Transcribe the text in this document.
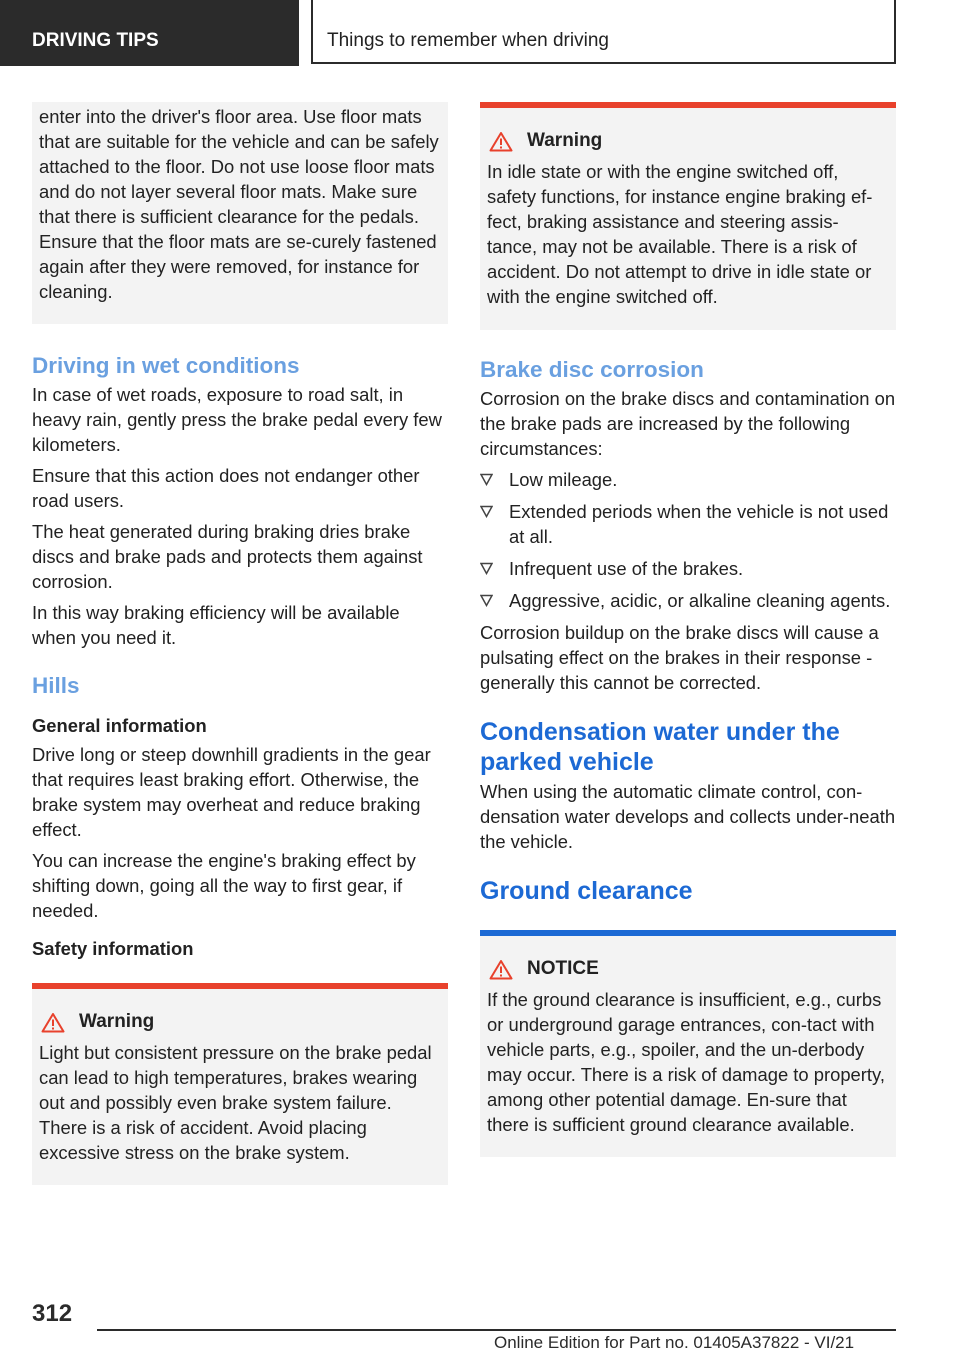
DRIVING TIPS	Things to remember when driving

enter into the driver's floor area. Use floor mats that are suitable for the vehicle and can be safely attached to the floor. Do not use loose floor mats and do not layer several floor mats. Make sure that there is sufficient clearance for the pedals. Ensure that the floor mats are se-curely fastened again after they were removed, for instance for cleaning.

Driving in wet conditions

In case of wet roads, exposure to road salt, in heavy rain, gently press the brake pedal every few kilometers.

Ensure that this action does not endanger other road users.

The heat generated during braking dries brake discs and brake pads and protects them against corrosion.

In this way braking efficiency will be available when you need it.

Hills
General information

Drive long or steep downhill gradients in the gear that requires least braking effort. Otherwise, the brake system may overheat and reduce braking effect.

You can increase the engine's braking effect by shifting down, going all the way to first gear, if needed.

Safety information
Warning

Light but consistent pressure on the brake pedal can lead to high temperatures, brakes wearing out and possibly even brake system failure. There is a risk of accident. Avoid placing excessive stress on the brake system.

Warning

In idle state or with the engine switched off, safety functions, for instance engine braking ef-fect, braking assistance and steering assis-tance, may not be available. There is a risk of accident. Do not attempt to drive in idle state or with the engine switched off.

Brake disc corrosion

Corrosion on the brake discs and contamination on the brake pads are increased by the following circumstances:

Low mileage.
Extended periods when the vehicle is not used at all.
Infrequent use of the brakes.
Aggressive, acidic, or alkaline cleaning agents.

Corrosion buildup on the brake discs will cause a pulsating effect on the brakes in their response - generally this cannot be corrected.

Condensation water under the parked vehicle

When using the automatic climate control, con-densation water develops and collects under-neath the vehicle.

Ground clearance
NOTICE

If the ground clearance is insufficient, e.g., curbs or underground garage entrances, con-tact with vehicle parts, e.g., spoiler, and the un-derbody may occur. There is a risk of damage to property, among other potential damage. En-sure that there is sufficient ground clearance available.

312
Online Edition for Part no. 01405A37822 - VI/21
